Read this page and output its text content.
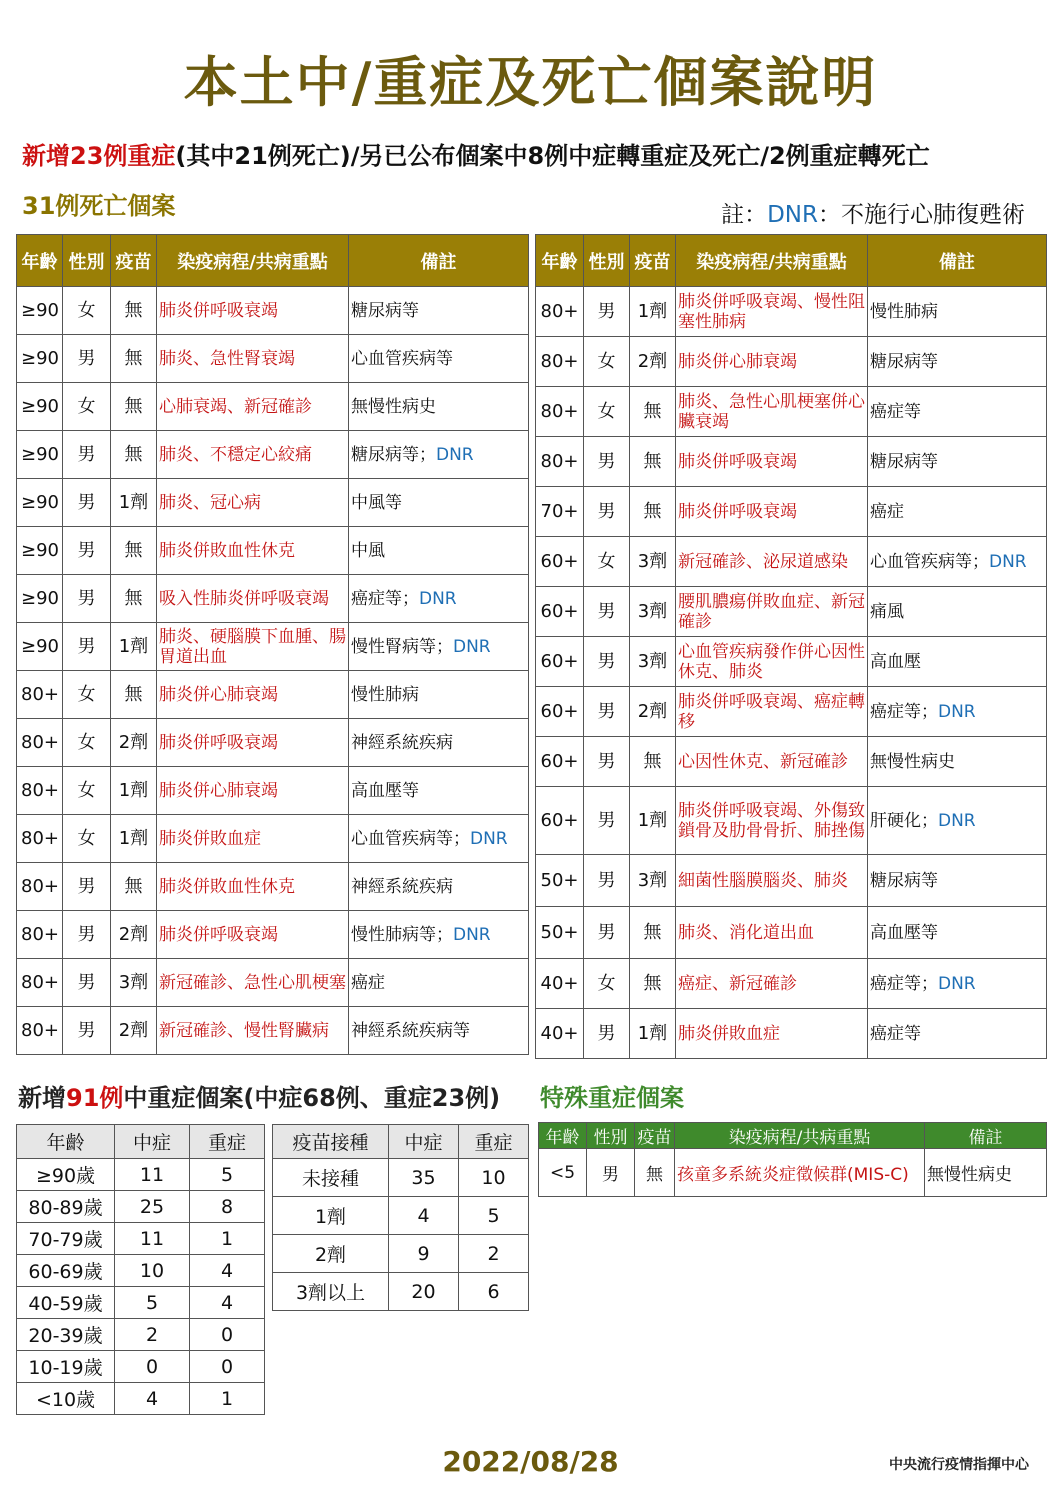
本土中/重症及死亡個案說明
新增23例重症(其中21例死亡)/另已公布個案中8例中症轉重症及死亡/2例重症轉死亡
31例死亡個案	註：DNR：不施行心肺復甦術
年齡	性別	疫苗	染疫病程/共病重點	備註
≥90	女	無	肺炎併呼吸衰竭	糖尿病等
≥90	男	無	肺炎、急性腎衰竭	心血管疾病等
≥90	女	無	心肺衰竭、新冠確診	無慢性病史
≥90	男	無	肺炎、不穩定心絞痛	糖尿病等；DNR
≥90	男	1劑	肺炎、冠心病	中風等
≥90	男	無	肺炎併敗血性休克	中風
≥90	男	無	吸入性肺炎併呼吸衰竭	癌症等；DNR
≥90	男	1劑	肺炎、硬腦膜下血腫、腸胃道出血	慢性腎病等；DNR
80+	女	無	肺炎併心肺衰竭	慢性肺病
80+	女	2劑	肺炎併呼吸衰竭	神經系統疾病
80+	女	1劑	肺炎併心肺衰竭	高血壓等
80+	女	1劑	肺炎併敗血症	心血管疾病等；DNR
80+	男	無	肺炎併敗血性休克	神經系統疾病
80+	男	2劑	肺炎併呼吸衰竭	慢性肺病等；DNR
80+	男	3劑	新冠確診、急性心肌梗塞	癌症
80+	男	2劑	新冠確診、慢性腎臟病	神經系統疾病等
年齡	性別	疫苗	染疫病程/共病重點	備註
80+	男	1劑	肺炎併呼吸衰竭、慢性阻塞性肺病	慢性肺病
80+	女	2劑	肺炎併心肺衰竭	糖尿病等
80+	女	無	肺炎、急性心肌梗塞併心臟衰竭	癌症等
80+	男	無	肺炎併呼吸衰竭	糖尿病等
70+	男	無	肺炎併呼吸衰竭	癌症
60+	女	3劑	新冠確診、泌尿道感染	心血管疾病等；DNR
60+	男	3劑	腰肌膿瘍併敗血症、新冠確診	痛風
60+	男	3劑	心血管疾病發作併心因性休克、肺炎	高血壓
60+	男	2劑	肺炎併呼吸衰竭、癌症轉移	癌症等；DNR
60+	男	無	心因性休克、新冠確診	無慢性病史
60+	男	1劑	肺炎併呼吸衰竭、外傷致鎖骨及肋骨骨折、肺挫傷	肝硬化；DNR
50+	男	3劑	細菌性腦膜腦炎、肺炎	糖尿病等
50+	男	無	肺炎、消化道出血	高血壓等
40+	女	無	癌症、新冠確診	癌症等；DNR
40+	男	1劑	肺炎併敗血症	癌症等
新增91例中重症個案(中症68例、重症23例) 特殊重症個案
年齡	中症	重症
≥90歲	11	5
80-89歲	25	8
70-79歲	11	1
60-69歲	10	4
40-59歲	5	4
20-39歲	2	0
10-19歲	0	0
<10歲	4	1
疫苗接種	中症	重症
未接種	35	10
1劑	4	5
2劑	9	2
3劑以上	20	6
年齡	性別	疫苗	染疫病程/共病重點	備註
<5	男	無	孩童多系統炎症徵候群(MIS-C)	無慢性病史
2022/08/28	中央流行疫情指揮中心
